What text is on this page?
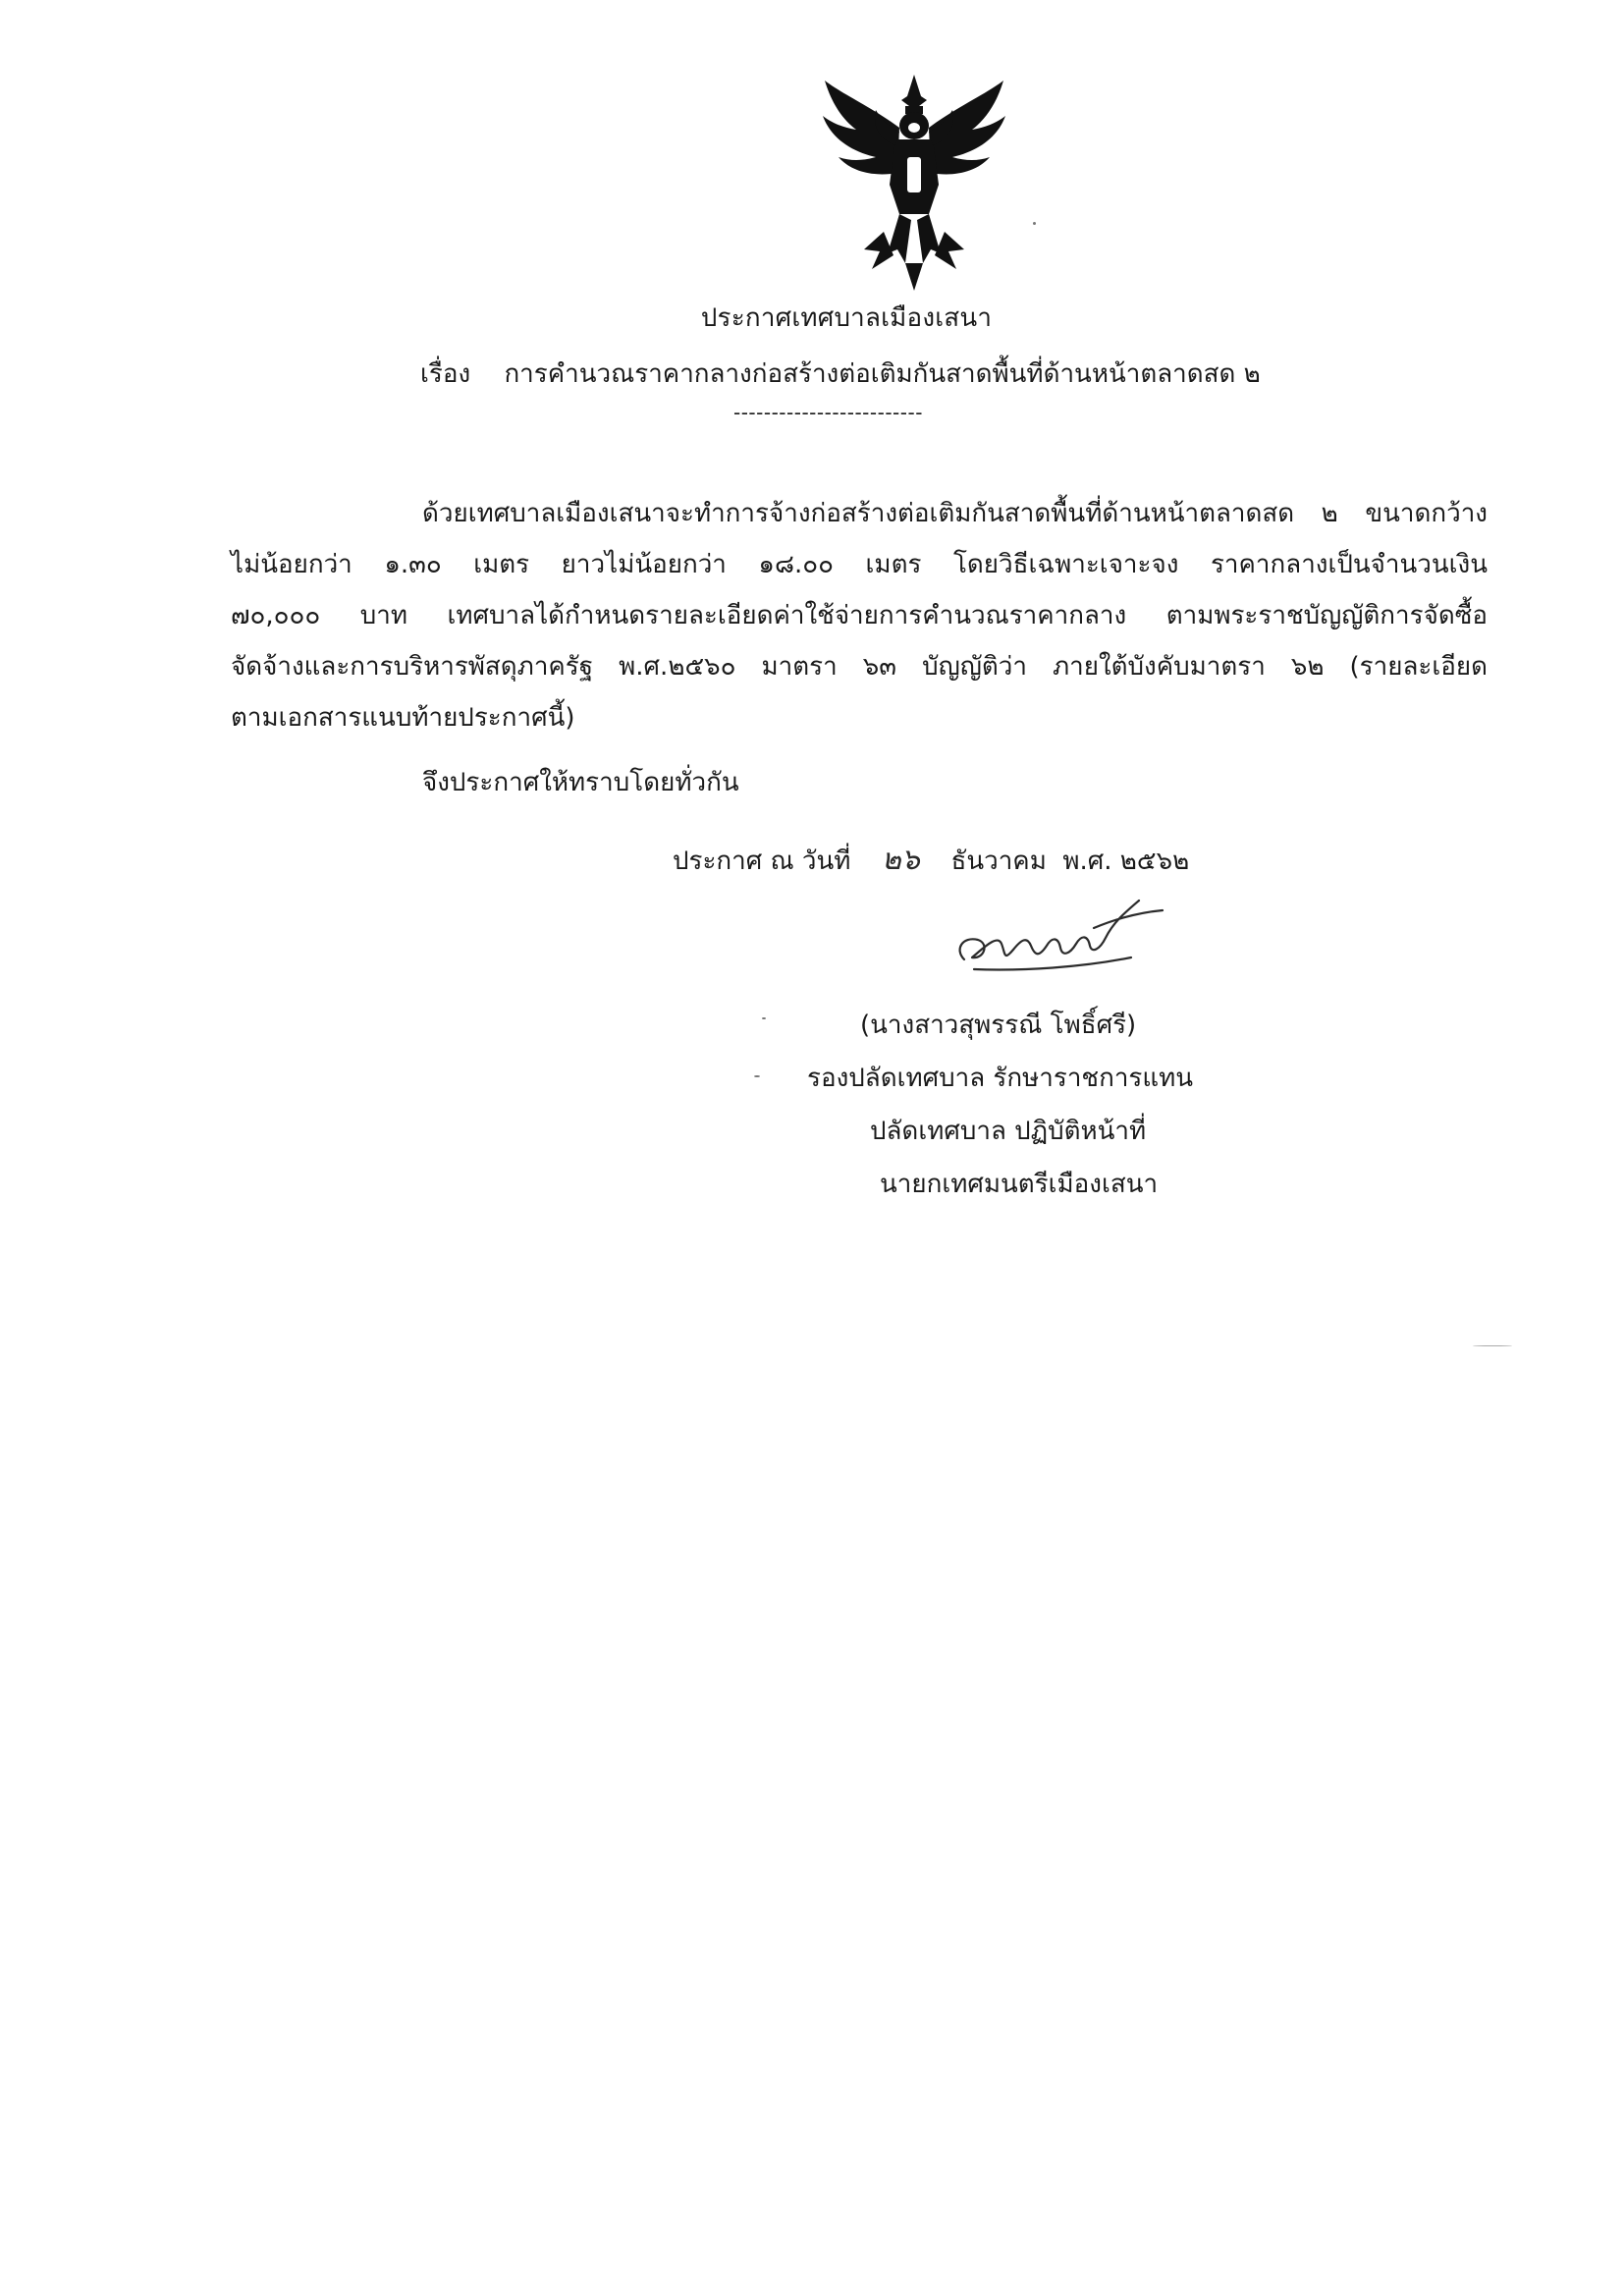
ประกาศเทศบาลเมืองเสนา
เรื่อง การคำนวณราคากลางก่อสร้างต่อเติมกันสาดพื้นที่ด้านหน้าตลาดสด ๒
-------------------------
ด้วยเทศบาลเมืองเสนาจะทำการจ้างก่อสร้างต่อเติมกันสาดพื้นที่ด้านหน้าตลาดสด ๒ ขนาดกว้าง
ไม่น้อยกว่า ๑.๓๐ เมตร ยาวไม่น้อยกว่า ๑๘.๐๐ เมตร โดยวิธีเฉพาะเจาะจง ราคากลางเป็นจำนวนเงิน
๗๐,๐๐๐ บาท เทศบาลได้กำหนดรายละเอียดค่าใช้จ่ายการคำนวณราคากลาง ตามพระราชบัญญัติการจัดซื้อ
จัดจ้างและการบริหารพัสดุภาครัฐ พ.ศ.๒๕๖๐ มาตรา ๖๓ บัญญัติว่า ภายใต้บังคับมาตรา ๖๒ (รายละเอียด
ตามเอกสารแนบท้ายประกาศนี้)
จึงประกาศให้ทราบโดยทั่วกัน
ประกาศ ณ วันที่ ๒๖ ธันวาคม พ.ศ. ๒๕๖๒
(นางสาวสุพรรณี โพธิ์ศรี)
รองปลัดเทศบาล รักษาราชการแทน
ปลัดเทศบาล ปฏิบัติหน้าที่
นายกเทศมนตรีเมืองเสนา
